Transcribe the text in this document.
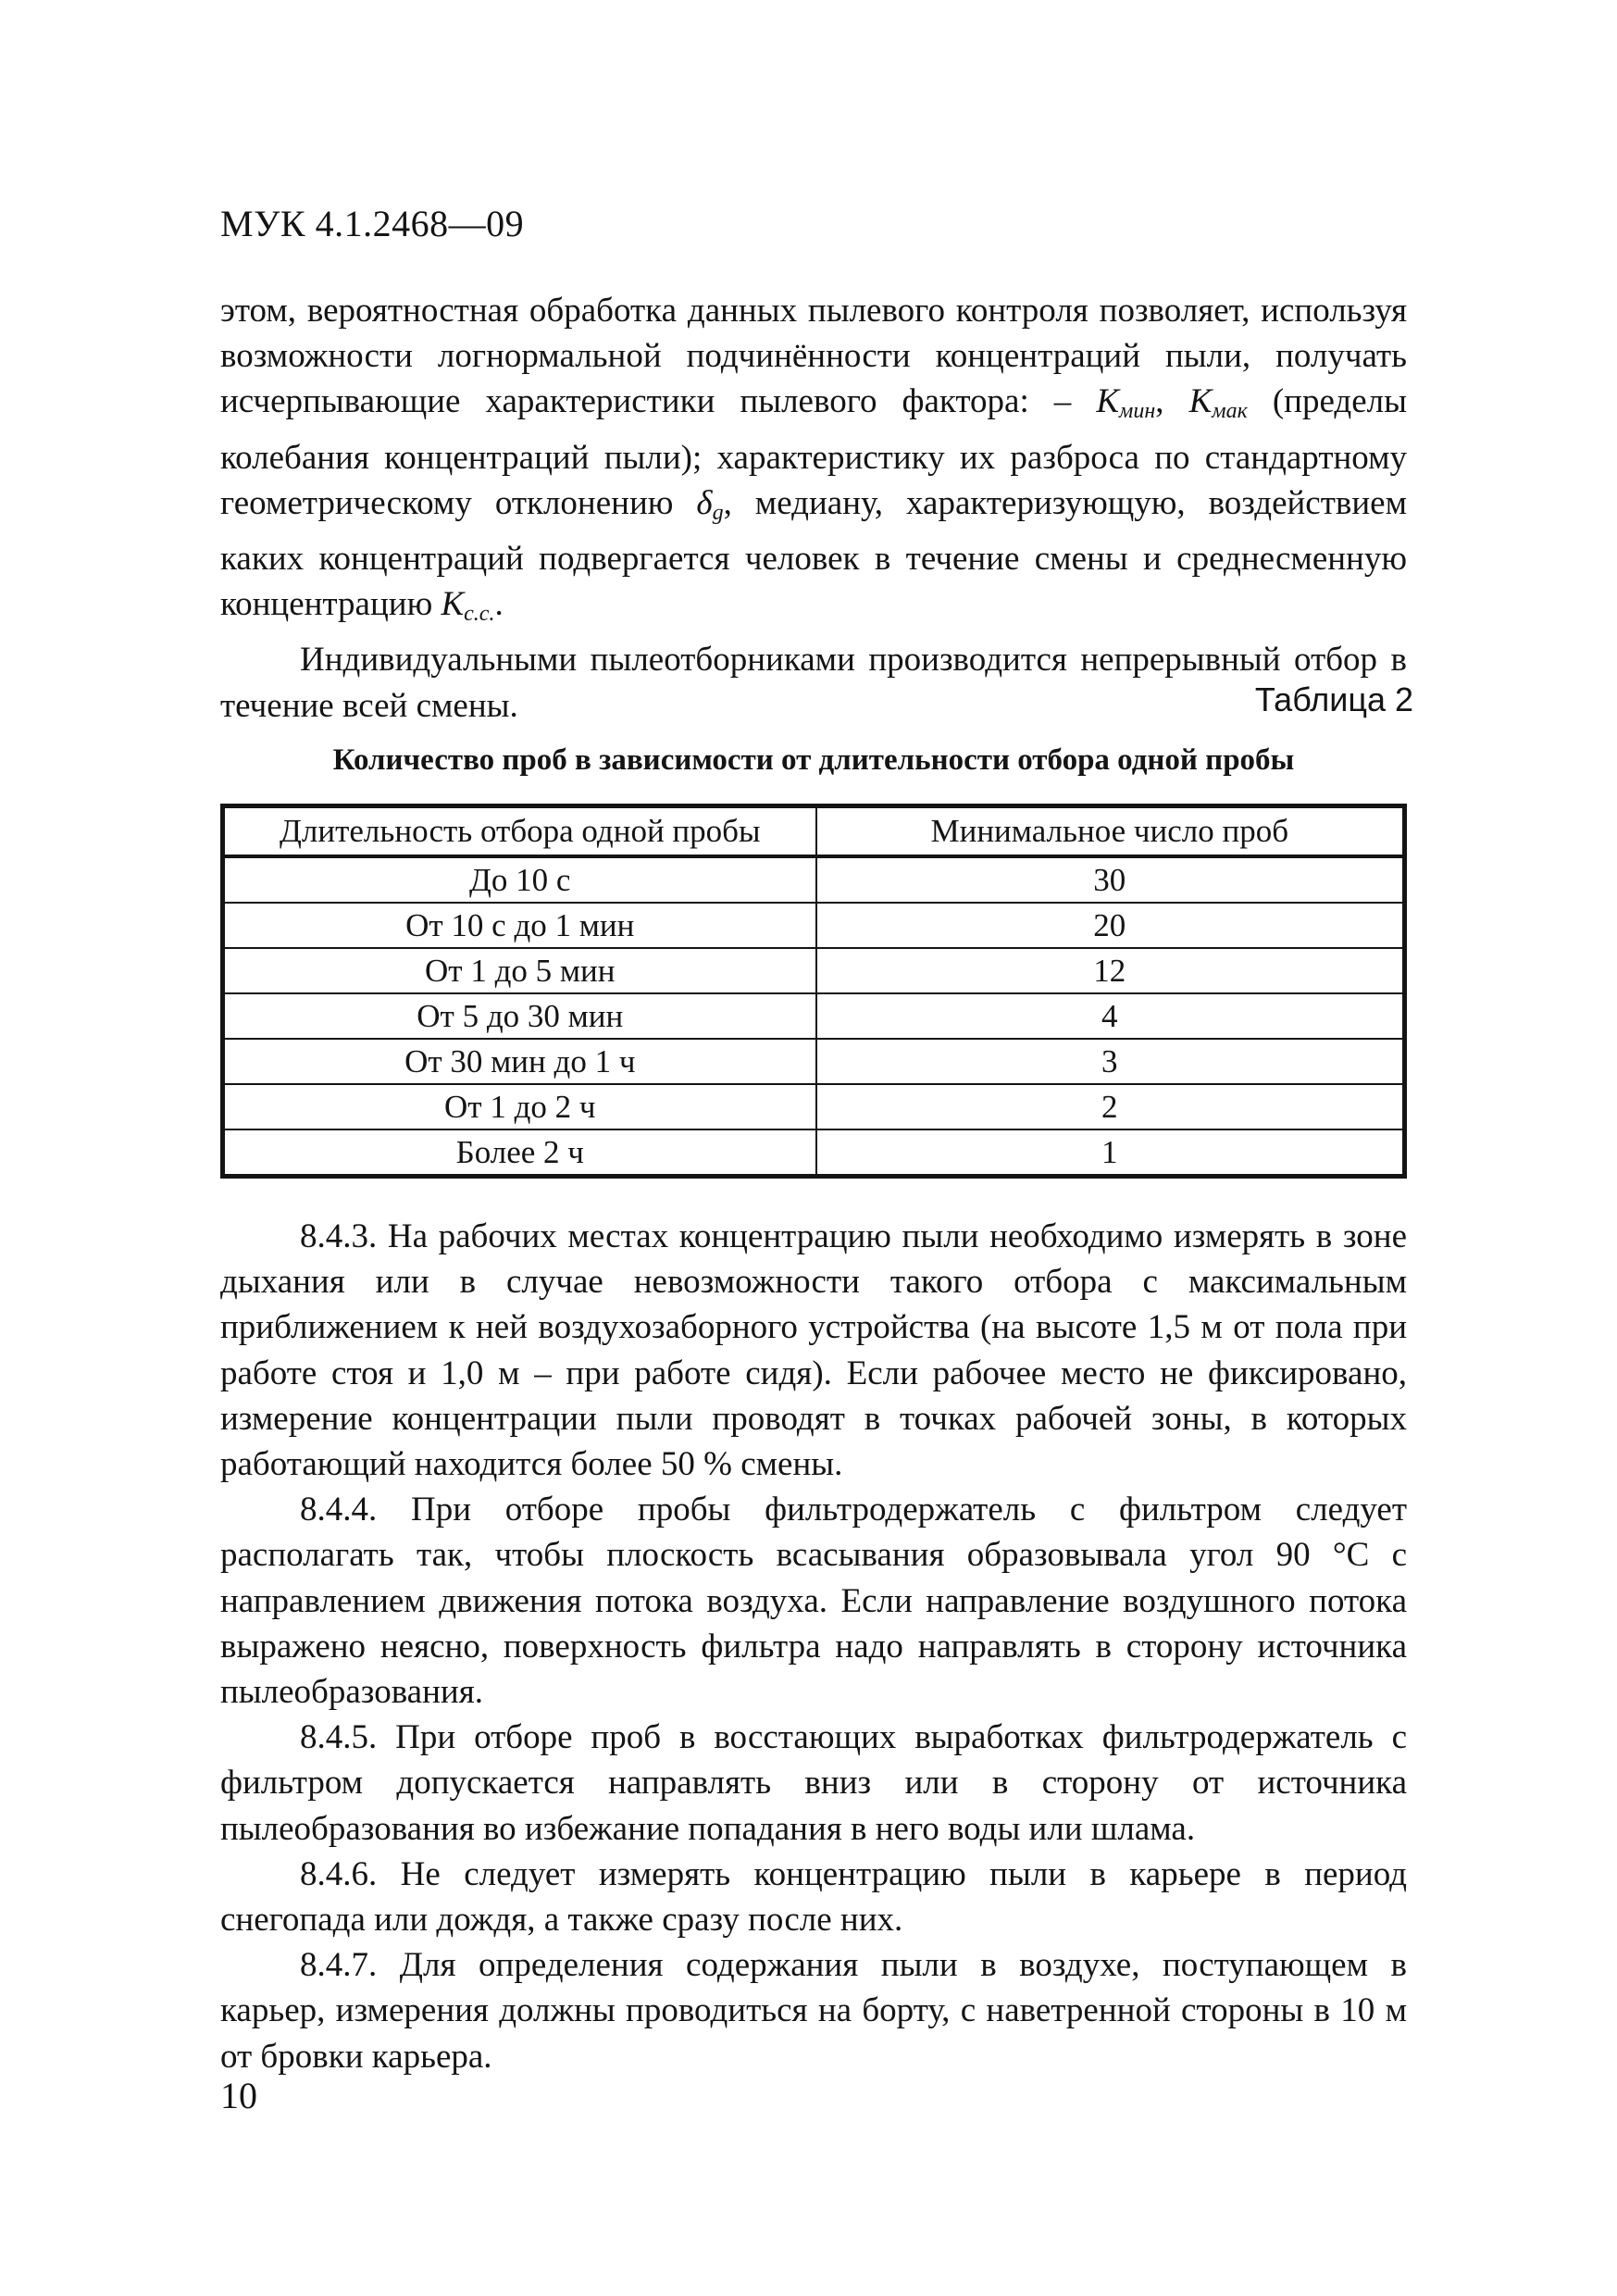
МУК 4.1.2468—09

этом, вероятностная обработка данных пылевого контроля позволяет, используя возможности логнормальной подчинённости концентраций пыли, получать исчерпывающие характеристики пылевого фактора: – $K_{мин}$, $K_{мак}$ (пределы колебания концентраций пыли); характеристику их разброса по стандартному геометрическому отклонению $\delta_g$, медиану, характеризующую, воздействием каких концентраций подвергается человек в течение смены и среднесменную концентрацию $K_{с.с.}$.

Индивидуальными пылеотборниками производится непрерывный отбор в течение всей смены.	Таблица 2
Количество проб в зависимости от длительности отбора одной пробы
Длительность отбора одной пробы	Минимальное число проб
До 10 с	30
От 10 с до 1 мин	20
От 1 до 5 мин	12
От 5 до 30 мин	4
От 30 мин до 1 ч	3
От 1 до 2 ч	2
Более 2 ч	1

8.4.3. На рабочих местах концентрацию пыли необходимо измерять в зоне дыхания или в случае невозможности такого отбора с максимальным приближением к ней воздухозаборного устройства (на высоте 1,5 м от пола при работе стоя и 1,0 м – при работе сидя). Если рабочее место не фиксировано, измерение концентрации пыли проводят в точках рабочей зоны, в которых работающий находится более 50 % смены.

8.4.4. При отборе пробы фильтродержатель с фильтром следует располагать так, чтобы плоскость всасывания образовывала угол 90 °С с направлением движения потока воздуха. Если направление воздушного потока выражено неясно, поверхность фильтра надо направлять в сторону источника пылеобразования.

8.4.5. При отборе проб в восстающих выработках фильтродержатель с фильтром допускается направлять вниз или в сторону от источника пылеобразования во избежание попадания в него воды или шлама.

8.4.6. Не следует измерять концентрацию пыли в карьере в период снегопада или дождя, а также сразу после них.

8.4.7. Для определения содержания пыли в воздухе, поступающем в карьер, измерения должны проводиться на борту, с наветренной стороны в 10 м от бровки карьера.

10
